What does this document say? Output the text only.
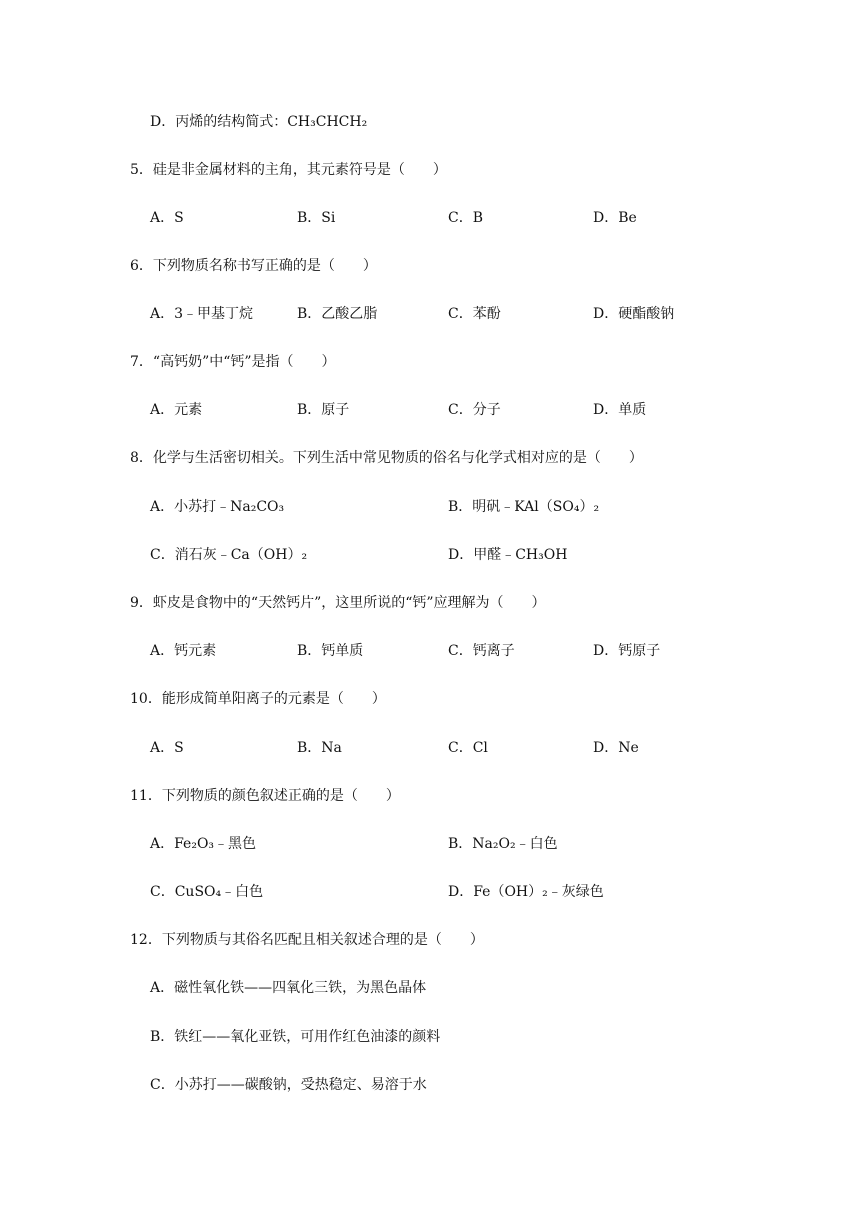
D．丙烯的结构简式：CH₃CHCH₂
5．硅是非金属材料的主角，其元素符号是（　　）
A．S	B．Si	C．B	D．Be
6．下列物质名称书写正确的是（　　）
A．3﹣甲基丁烷	B．乙酸乙脂	C．苯酚	D．硬酯酸钠
7．“高钙奶”中“钙”是指（　　）
A．元素	B．原子	C．分子	D．单质
8．化学与生活密切相关。下列生活中常见物质的俗名与化学式相对应的是（　　）
A．小苏打﹣Na₂CO₃	B．明矾﹣KAl（SO₄）₂
C．消石灰﹣Ca（OH）₂	D．甲醛﹣CH₃OH
9．虾皮是食物中的“天然钙片”，这里所说的“钙”应理解为（　　）
A．钙元素	B．钙单质	C．钙离子	D．钙原子
10．能形成简单阳离子的元素是（　　）
A．S	B．Na	C．Cl	D．Ne
11．下列物质的颜色叙述正确的是（　　）
A．Fe₂O₃﹣黑色	B．Na₂O₂﹣白色
C．CuSO₄﹣白色	D．Fe（OH）₂﹣灰绿色
12．下列物质与其俗名匹配且相关叙述合理的是（　　）
A．磁性氧化铁——四氧化三铁，为黑色晶体
B．铁红——氧化亚铁，可用作红色油漆的颜料
C．小苏打——碳酸钠，受热稳定、易溶于水
